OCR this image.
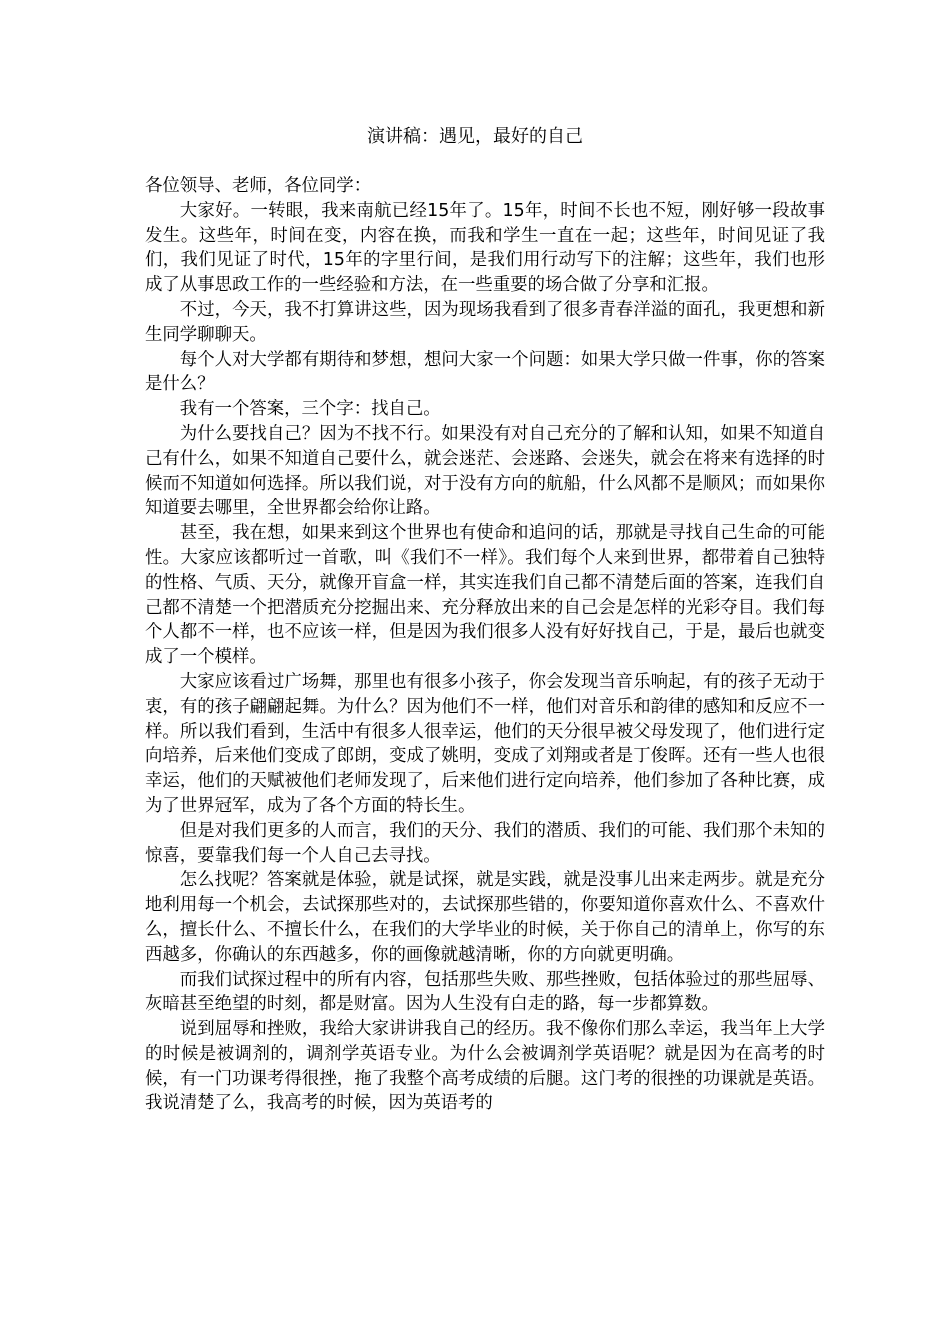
演讲稿：遇见，最好的自己

各位领导、老师，各位同学：

大家好。一转眼，我来南航已经15年了。15年，时间不长也不短，刚好够一段故事发生。这些年，时间在变，内容在换，而我和学生一直在一起；这些年，时间见证了我们，我们见证了时代，15年的字里行间，是我们用行动写下的注解；这些年，我们也形成了从事思政工作的一些经验和方法，在一些重要的场合做了分享和汇报。

不过，今天，我不打算讲这些，因为现场我看到了很多青春洋溢的面孔，我更想和新生同学聊聊天。

每个人对大学都有期待和梦想，想问大家一个问题：如果大学只做一件事，你的答案是什么？

我有一个答案，三个字：找自己。

为什么要找自己？因为不找不行。如果没有对自己充分的了解和认知，如果不知道自己有什么，如果不知道自己要什么，就会迷茫、会迷路、会迷失，就会在将来有选择的时候而不知道如何选择。所以我们说，对于没有方向的航船，什么风都不是顺风；而如果你知道要去哪里，全世界都会给你让路。

甚至，我在想，如果来到这个世界也有使命和追问的话，那就是寻找自己生命的可能性。大家应该都听过一首歌，叫《我们不一样》。我们每个人来到世界，都带着自己独特的性格、气质、天分，就像开盲盒一样，其实连我们自己都不清楚后面的答案，连我们自己都不清楚一个把潜质充分挖掘出来、充分释放出来的自己会是怎样的光彩夺目。我们每个人都不一样，也不应该一样，但是因为我们很多人没有好好找自己，于是，最后也就变成了一个模样。

大家应该看过广场舞，那里也有很多小孩子，你会发现当音乐响起，有的孩子无动于衷，有的孩子翩翩起舞。为什么？因为他们不一样，他们对音乐和韵律的感知和反应不一样。所以我们看到，生活中有很多人很幸运，他们的天分很早被父母发现了，他们进行定向培养，后来他们变成了郎朗，变成了姚明，变成了刘翔或者是丁俊晖。还有一些人也很幸运，他们的天赋被他们老师发现了，后来他们进行定向培养，他们参加了各种比赛，成为了世界冠军，成为了各个方面的特长生。

但是对我们更多的人而言，我们的天分、我们的潜质、我们的可能、我们那个未知的惊喜，要靠我们每一个人自己去寻找。

怎么找呢？答案就是体验，就是试探，就是实践，就是没事儿出来走两步。就是充分地利用每一个机会，去试探那些对的，去试探那些错的，你要知道你喜欢什么、不喜欢什么，擅长什么、不擅长什么，在我们的大学毕业的时候，关于你自己的清单上，你写的东西越多，你确认的东西越多，你的画像就越清晰，你的方向就更明确。

而我们试探过程中的所有内容，包括那些失败、那些挫败，包括体验过的那些屈辱、灰暗甚至绝望的时刻，都是财富。因为人生没有白走的路，每一步都算数。

说到屈辱和挫败，我给大家讲讲我自己的经历。我不像你们那么幸运，我当年上大学的时候是被调剂的，调剂学英语专业。为什么会被调剂学英语呢？就是因为在高考的时候，有一门功课考得很挫，拖了我整个高考成绩的后腿。这门考的很挫的功课就是英语。我说清楚了么，我高考的时候，因为英语考的
